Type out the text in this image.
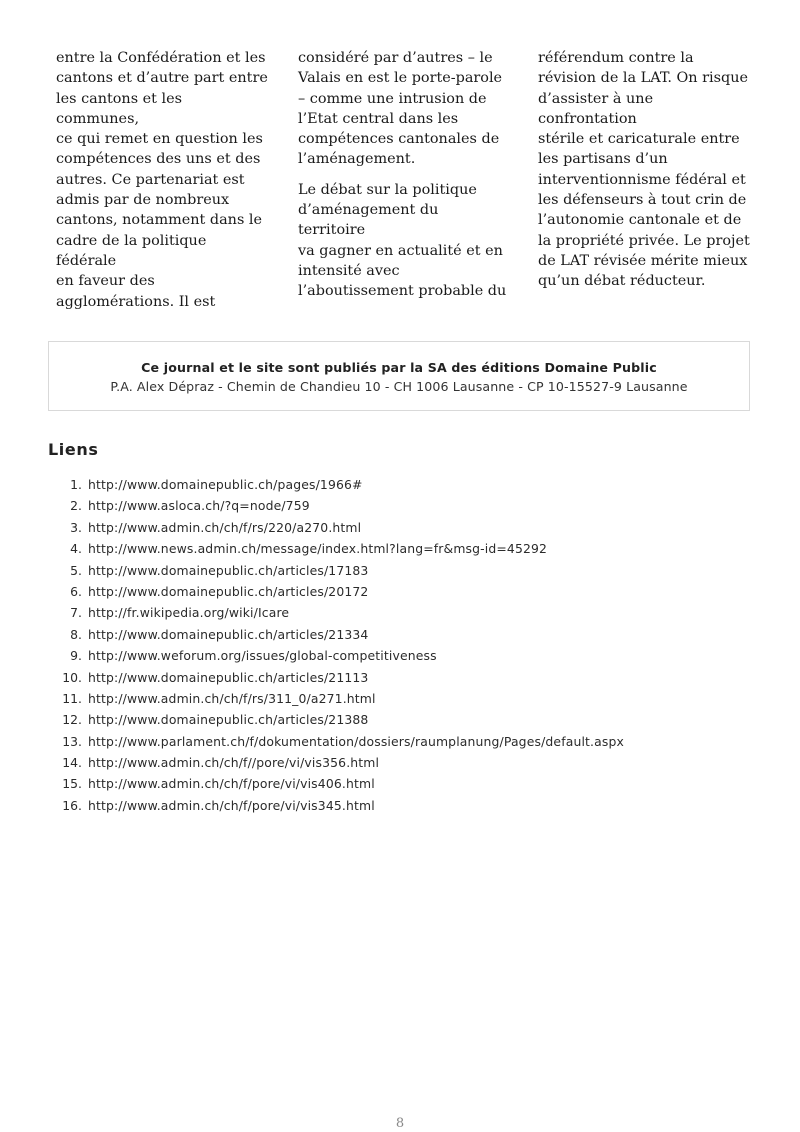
entre la Confédération et les
cantons et d’autre part entre
les cantons et les communes,
ce qui remet en question les
compétences des uns et des
autres. Ce partenariat est
admis par de nombreux
cantons, notamment dans le
cadre de la politique fédérale
en faveur des
agglomérations. Il est

considéré par d’autres – le
Valais en est le porte-parole
– comme une intrusion de
l’Etat central dans les
compétences cantonales de
l’aménagement.

Le débat sur la politique
d’aménagement du territoire
va gagner en actualité et en
intensité avec
l’aboutissement probable du

référendum contre la
révision de la LAT. On risque
d’assister à une confrontation
stérile et caricaturale entre
les partisans d’un
interventionnisme fédéral et
les défenseurs à tout crin de
l’autonomie cantonale et de
la propriété privée. Le projet
de LAT révisée mérite mieux
qu’un débat réducteur.

Ce journal et le site sont publiés par la SA des éditions Domaine Public
P.A. Alex Dépraz - Chemin de Chandieu 10 - CH 1006 Lausanne - CP 10-15527-9 Lausanne
Liens
1. http://www.domainepublic.ch/pages/1966#
2. http://www.asloca.ch/?q=node/759
3. http://www.admin.ch/ch/f/rs/220/a270.html
4. http://www.news.admin.ch/message/index.html?lang=fr&msg-id=45292
5. http://www.domainepublic.ch/articles/17183
6. http://www.domainepublic.ch/articles/20172
7. http://fr.wikipedia.org/wiki/Icare
8. http://www.domainepublic.ch/articles/21334
9. http://www.weforum.org/issues/global-competitiveness
10. http://www.domainepublic.ch/articles/21113
11. http://www.admin.ch/ch/f/rs/311_0/a271.html
12. http://www.domainepublic.ch/articles/21388
13. http://www.parlament.ch/f/dokumentation/dossiers/raumplanung/Pages/default.aspx
14. http://www.admin.ch/ch/f//pore/vi/vis356.html
15. http://www.admin.ch/ch/f/pore/vi/vis406.html
16. http://www.admin.ch/ch/f/pore/vi/vis345.html
8
